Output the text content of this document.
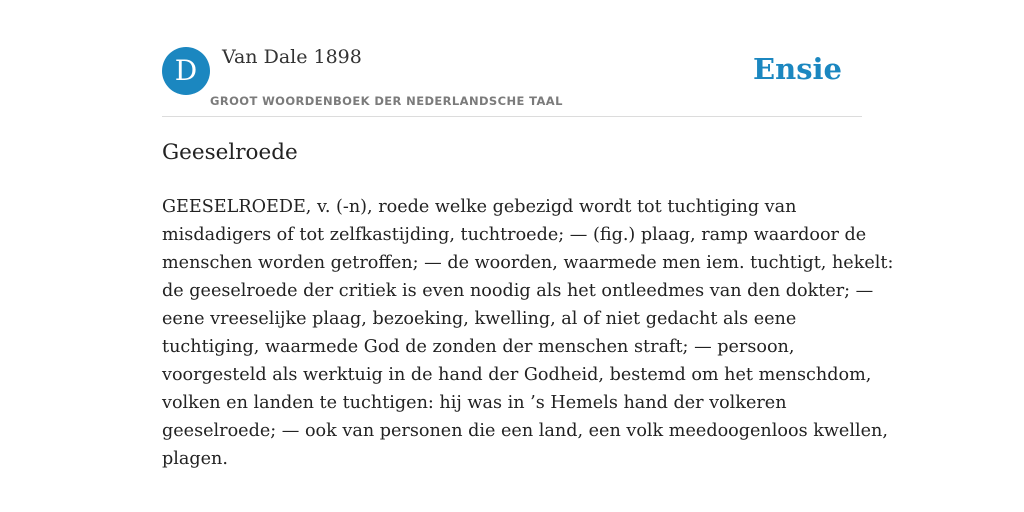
D	Van Dale 1898
GROOT WOORDENBOEK DER NEDERLANDSCHE TAAL
Ensie
Geeselroede
GEESELROEDE, v. (-n), roede welke gebezigd wordt tot tuchtiging van
misdadigers of tot zelfkastijding, tuchtroede; — (fig.) plaag, ramp waardoor de
menschen worden getroffen; — de woorden, waarmede men iem. tuchtigt, hekelt:
de geeselroede der critiek is even noodig als het ontleedmes van den dokter; —
eene vreeselijke plaag, bezoeking, kwelling, al of niet gedacht als eene
tuchtiging, waarmede God de zonden der menschen straft; — persoon,
voorgesteld als werktuig in de hand der Godheid, bestemd om het menschdom,
volken en landen te tuchtigen: hij was in ’s Hemels hand der volkeren
geeselroede; — ook van personen die een land, een volk meedoogenloos kwellen,
plagen.
